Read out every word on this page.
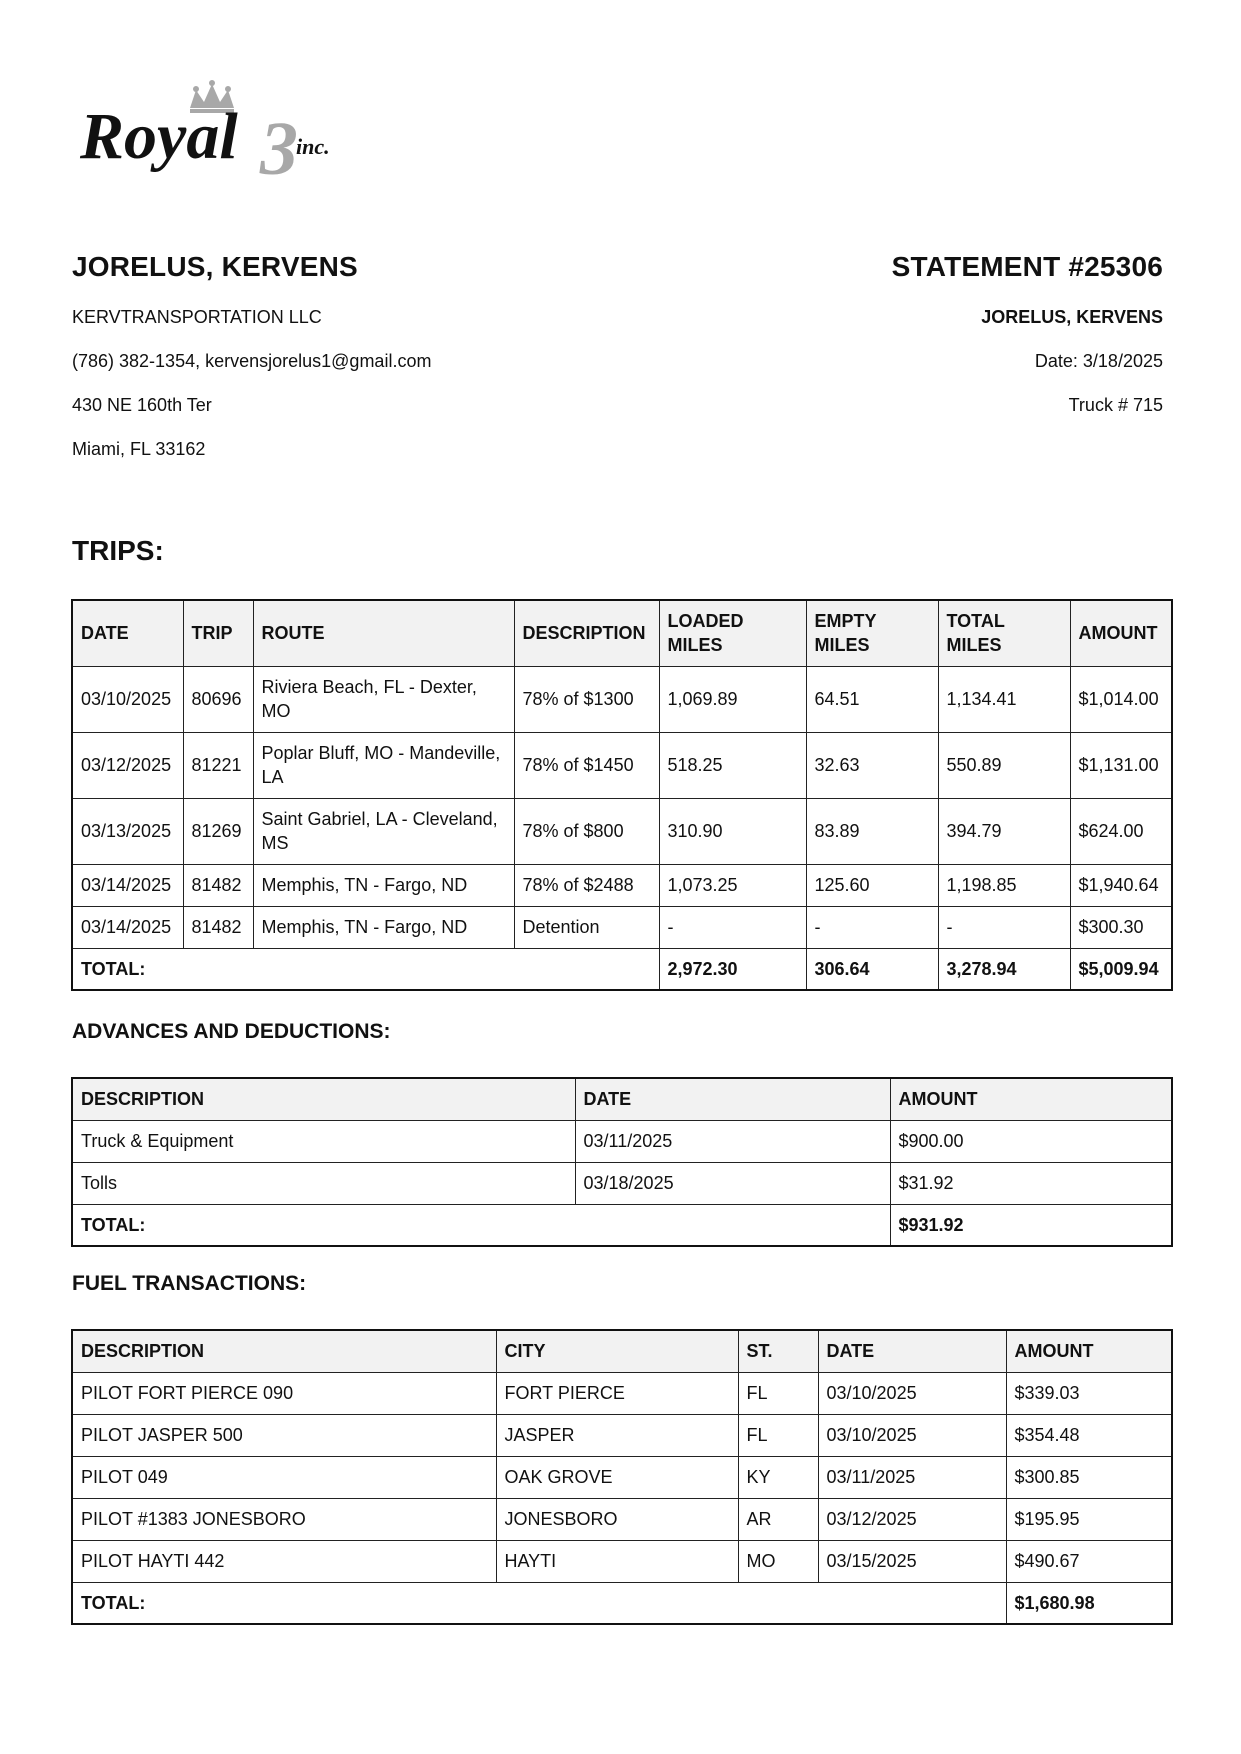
Royal 3
inc.
JORELUS, KERVENS
KERVTRANSPORTATION LLC
(786) 382-1354, kervensjorelus1@gmail.com
430 NE 160th Ter
Miami, FL 33162
STATEMENT #25306
JORELUS, KERVENS
Date: 3/18/2025
Truck # 715
TRIPS:
DATE	TRIP	ROUTE	DESCRIPTION	LOADED MILES	EMPTY MILES	TOTAL MILES	AMOUNT
03/10/2025	80696	Riviera Beach, FL - Dexter, MO	78% of $1300	1,069.89	64.51	1,134.41	$1,014.00
03/12/2025	81221	Poplar Bluff, MO - Mandeville, LA	78% of $1450	518.25	32.63	550.89	$1,131.00
03/13/2025	81269	Saint Gabriel, LA - Cleveland, MS	78% of $800	310.90	83.89	394.79	$624.00
03/14/2025	81482	Memphis, TN - Fargo, ND	78% of $2488	1,073.25	125.60	1,198.85	$1,940.64
03/14/2025	81482	Memphis, TN - Fargo, ND	Detention	-	-	-	$300.30
TOTAL:				2,972.30	306.64	3,278.94	$5,009.94
ADVANCES AND DEDUCTIONS:
DESCRIPTION	DATE	AMOUNT
Truck & Equipment	03/11/2025	$900.00
Tolls	03/18/2025	$31.92
TOTAL:		$931.92
FUEL TRANSACTIONS:
DESCRIPTION	CITY	ST.	DATE	AMOUNT
PILOT FORT PIERCE 090	FORT PIERCE	FL	03/10/2025	$339.03
PILOT JASPER 500	JASPER	FL	03/10/2025	$354.48
PILOT 049	OAK GROVE	KY	03/11/2025	$300.85
PILOT #1383 JONESBORO	JONESBORO	AR	03/12/2025	$195.95
PILOT HAYTI 442	HAYTI	MO	03/15/2025	$490.67
TOTAL:				$1,680.98
